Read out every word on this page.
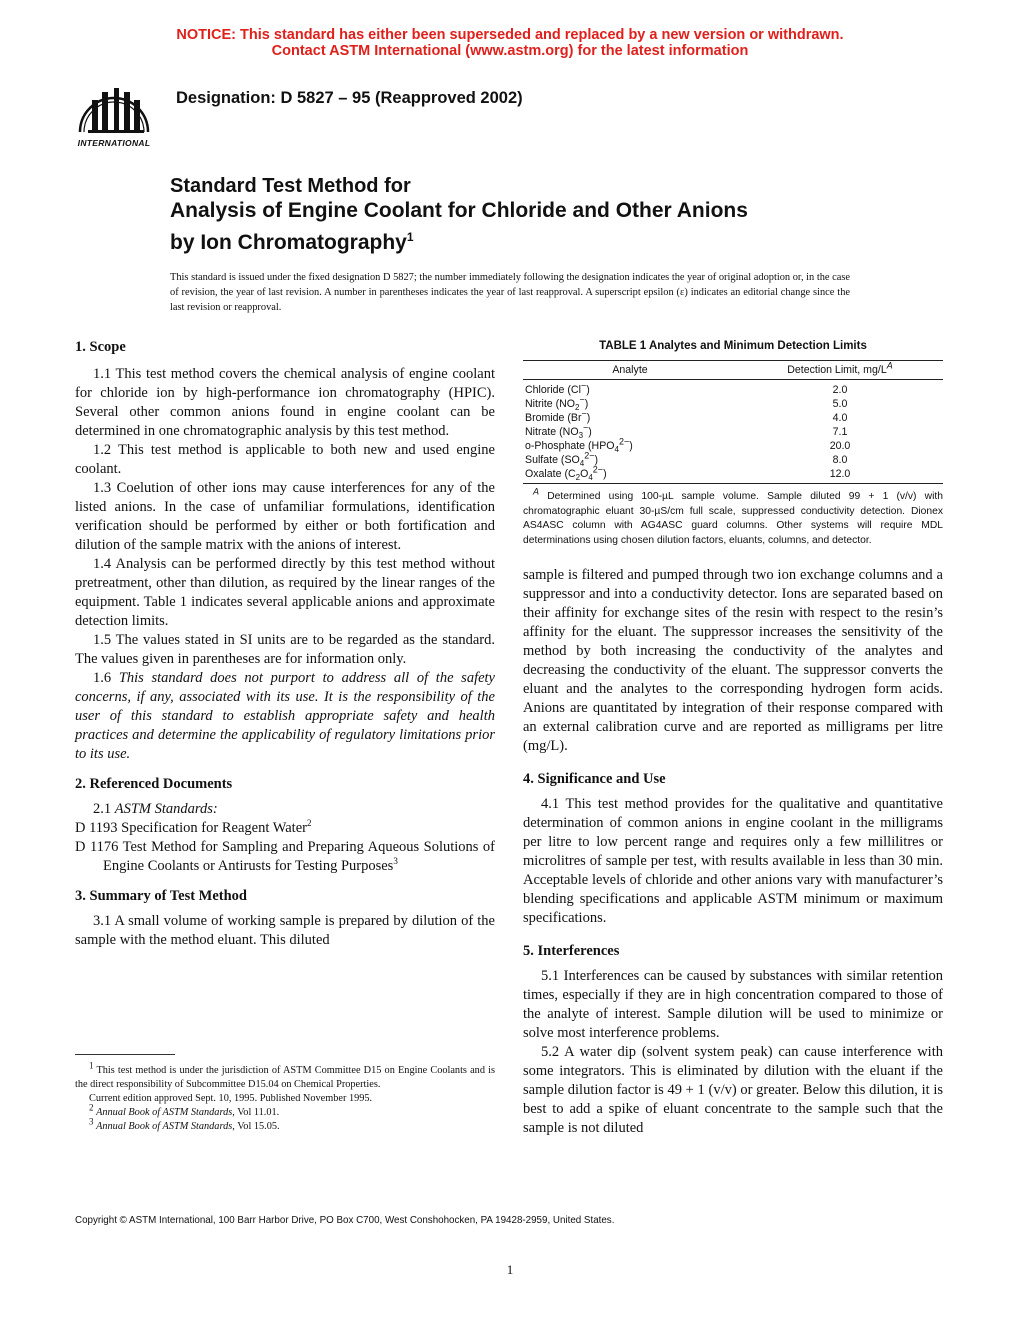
NOTICE: This standard has either been superseded and replaced by a new version or withdrawn.
Contact ASTM International (www.astm.org) for the latest information
INTERNATIONAL
Designation: D 5827 – 95 (Reapproved 2002)
Standard Test Method for
Analysis of Engine Coolant for Chloride and Other Anions
by Ion Chromatography$^1$
This standard is issued under the fixed designation D 5827; the number immediately following the designation indicates the year of original adoption or, in the case of revision, the year of last revision. A number in parentheses indicates the year of last reapproval. A superscript epsilon (ε) indicates an editorial change since the last revision or reapproval.
1. Scope

1.1 This test method covers the chemical analysis of engine coolant for chloride ion by high-performance ion chromatography (HPIC). Several other common anions found in engine coolant can be determined in one chromatographic analysis by this test method.

1.2 This test method is applicable to both new and used engine coolant.

1.3 Coelution of other ions may cause interferences for any of the listed anions. In the case of unfamiliar formulations, identification verification should be performed by either or both fortification and dilution of the sample matrix with the anions of interest.

1.4 Analysis can be performed directly by this test method without pretreatment, other than dilution, as required by the linear ranges of the equipment. Table 1 indicates several applicable anions and approximate detection limits.

1.5 The values stated in SI units are to be regarded as the standard. The values given in parentheses are for information only.

1.6 This standard does not purport to address all of the safety concerns, if any, associated with its use. It is the responsibility of the user of this standard to establish appropriate safety and health practices and determine the applicability of regulatory limitations prior to its use.

2. Referenced Documents

2.1 ASTM Standards:

D 1193 Specification for Reagent Water$^2$
D 1176 Test Method for Sampling and Preparing Aqueous Solutions of Engine Coolants or Antirusts for Testing Purposes$^3$
3. Summary of Test Method

3.1 A small volume of working sample is prepared by dilution of the sample with the method eluant. This diluted

$^1$ This test method is under the jurisdiction of ASTM Committee D15 on Engine Coolants and is the direct responsibility of Subcommittee D15.04 on Chemical Properties.
Current edition approved Sept. 10, 1995. Published November 1995.
$^2$ Annual Book of ASTM Standards, Vol 11.01.
$^3$ Annual Book of ASTM Standards, Vol 15.05.
TABLE 1 Analytes and Minimum Detection Limits
Analyte	Detection Limit, $mg/L^A$
Chloride (Cl−)	2.0
Nitrite $(NO_2^-)$	5.0
Bromide (Br−)	4.0
Nitrate $(NO_3^-)$	7.1
o-Phosphate $(HPO_4^{2-})$	20.0
Sulfate $(SO_4^{2-})$	8.0
Oxalate $(C_2O_4^{2-})$	12.0
$^A$ Determined using 100-µL sample volume. Sample diluted 99 + 1 (v/v) with chromatographic eluant 30-µS/cm full scale, suppressed conductivity detection. Dionex AS4ASC column with AG4ASC guard columns. Other systems will require MDL determinations using chosen dilution factors, eluants, columns, and detector.

sample is filtered and pumped through two ion exchange columns and a suppressor and into a conductivity detector. Ions are separated based on their affinity for exchange sites of the resin with respect to the resin’s affinity for the eluant. The suppressor increases the sensitivity of the method by both increasing the conductivity of the analytes and decreasing the conductivity of the eluant. The suppressor converts the eluant and the analytes to the corresponding hydrogen form acids. Anions are quantitated by integration of their response compared with an external calibration curve and are reported as milligrams per litre (mg/L).

4. Significance and Use

4.1 This test method provides for the qualitative and quantitative determination of common anions in engine coolant in the milligrams per litre to low percent range and requires only a few millilitres or microlitres of sample per test, with results available in less than 30 min. Acceptable levels of chloride and other anions vary with manufacturer’s blending specifications and applicable ASTM minimum or maximum specifications.

5. Interferences

5.1 Interferences can be caused by substances with similar retention times, especially if they are in high concentration compared to those of the analyte of interest. Sample dilution will be used to minimize or solve most interference problems.

5.2 A water dip (solvent system peak) can cause interference with some integrators. This is eliminated by dilution with the eluant if the sample dilution factor is 49 + 1 (v/v) or greater. Below this dilution, it is best to add a spike of eluant concentrate to the sample such that the sample is not diluted

Copyright © ASTM International, 100 Barr Harbor Drive, PO Box C700, West Conshohocken, PA 19428-2959, United States.
1
